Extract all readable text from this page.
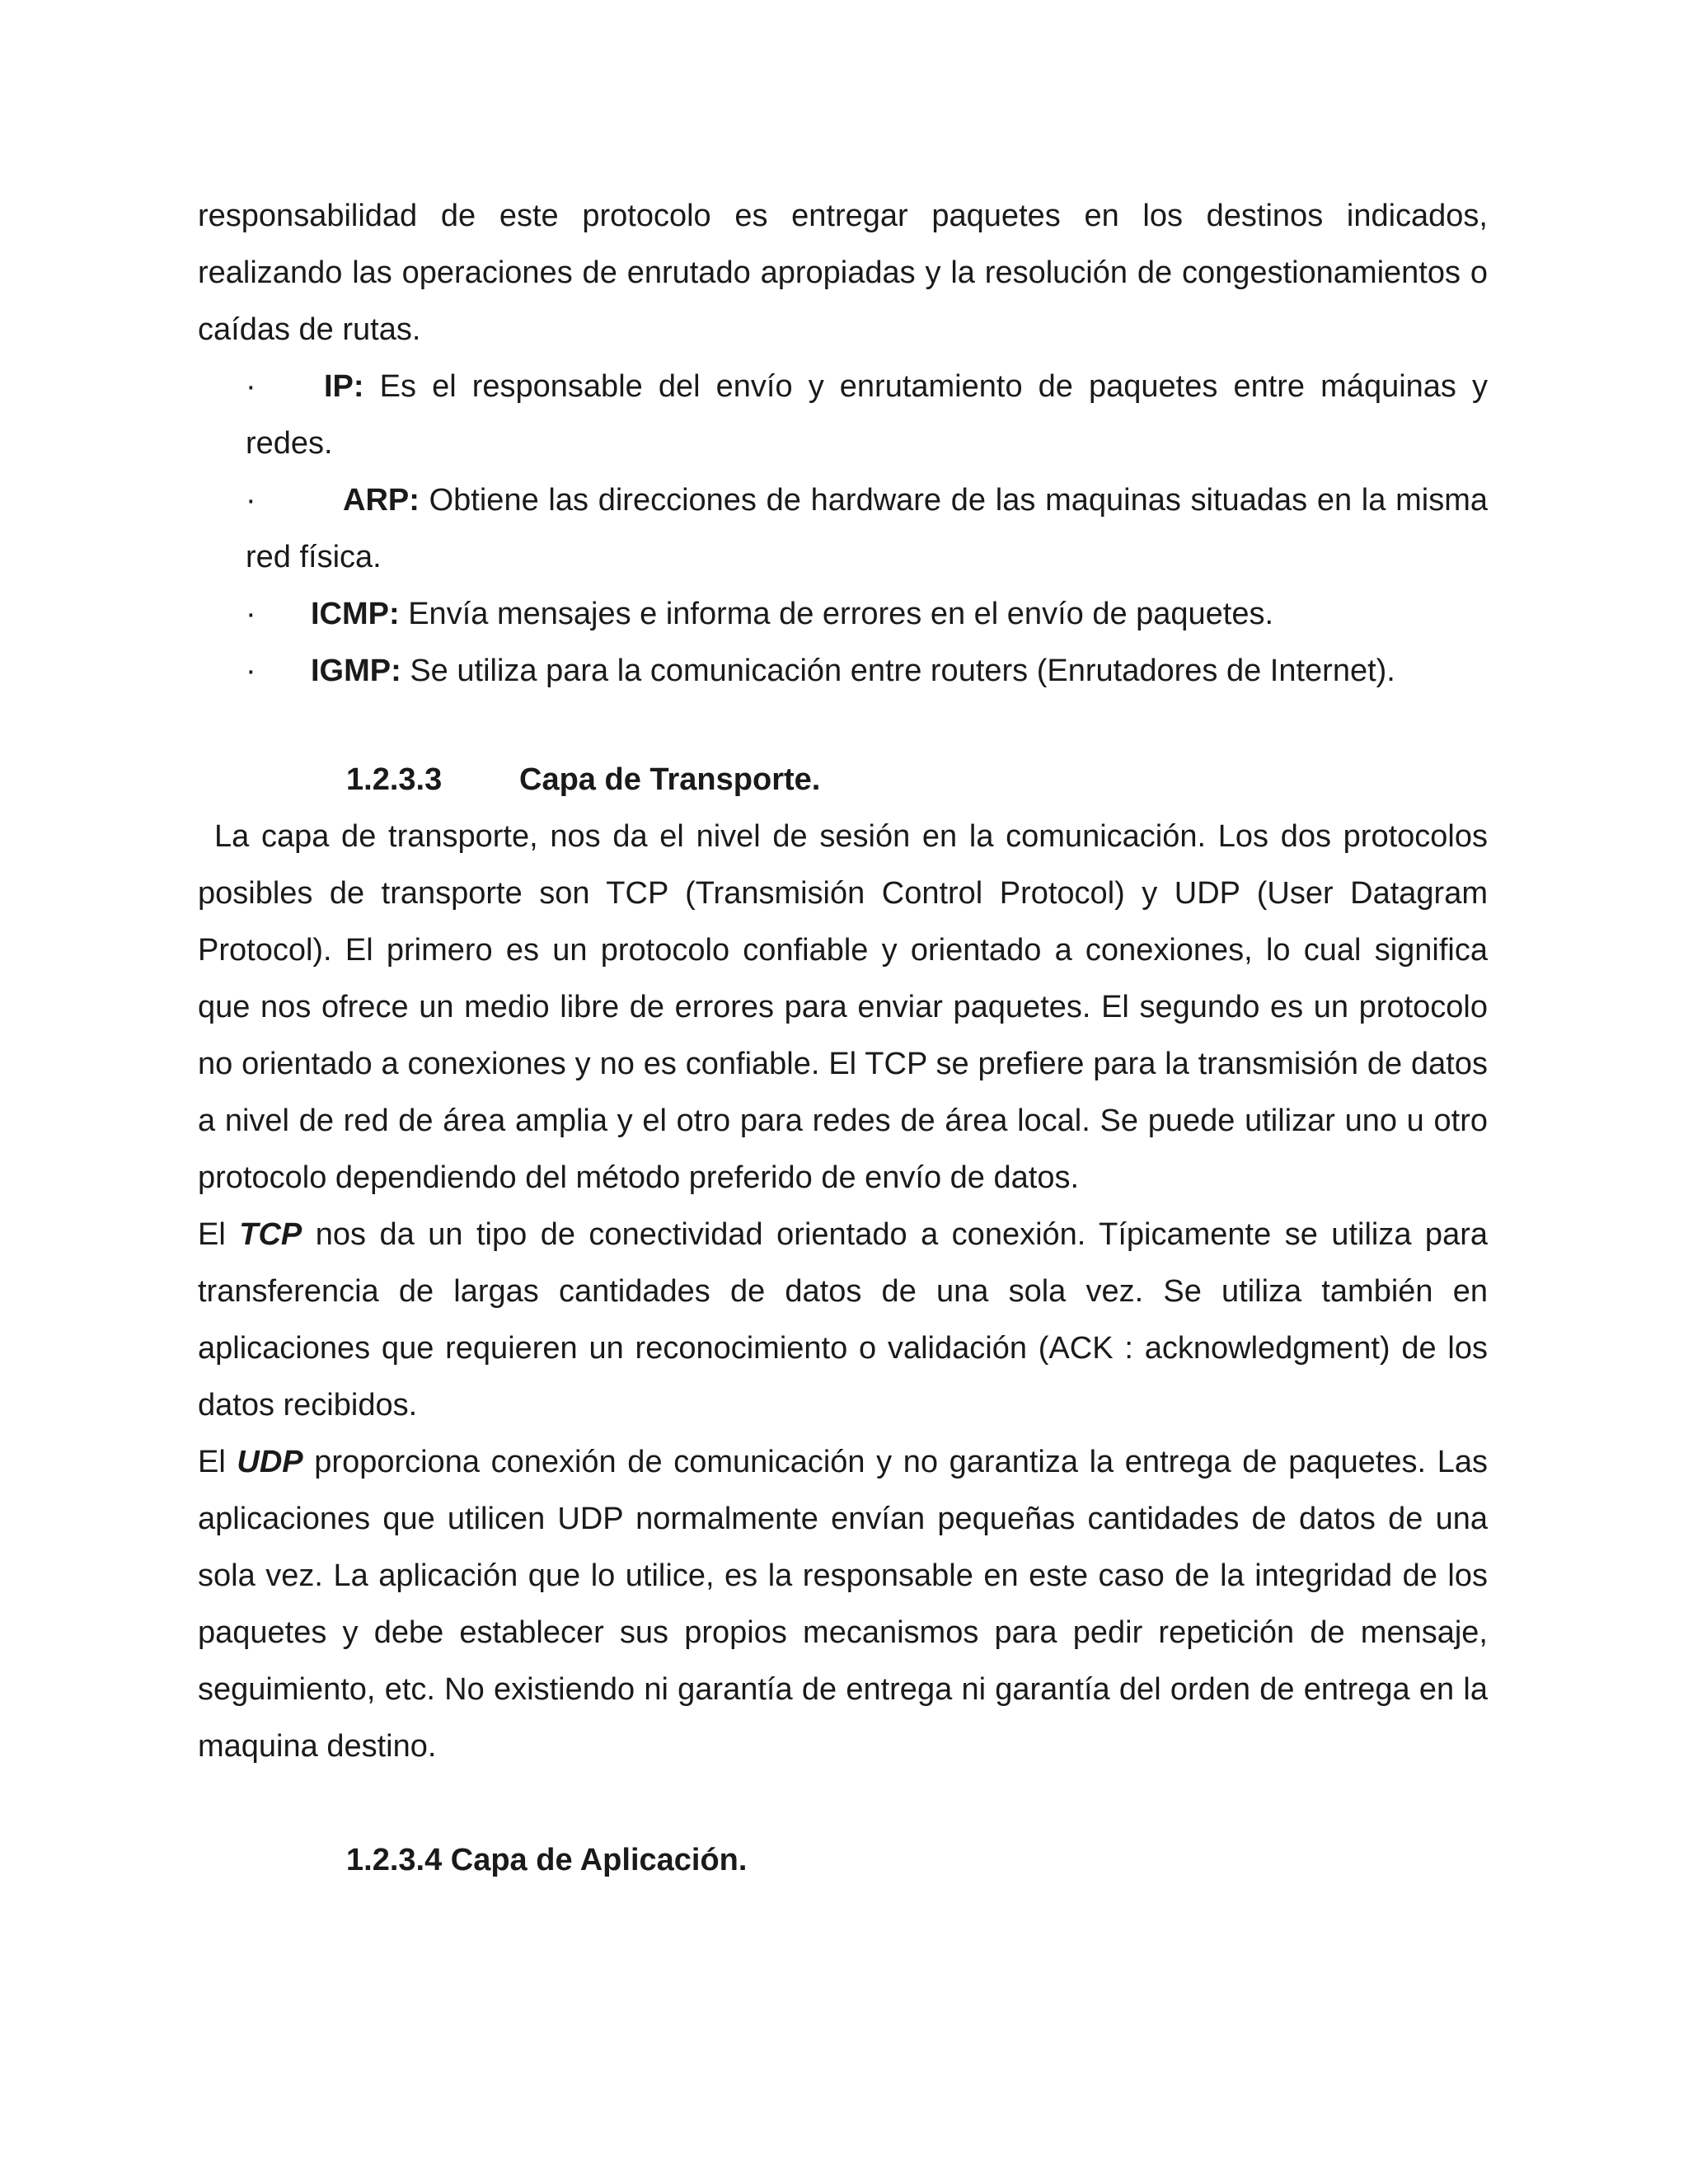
responsabilidad de este protocolo es entregar paquetes en los destinos indicados, realizando las operaciones de enrutado apropiadas y la resolución de congestionamientos o caídas de rutas.

· IP: Es el responsable del envío y enrutamiento de paquetes entre máquinas y redes.
·	ARP: Obtiene las direcciones de hardware de las maquinas situadas en la misma red física.
· ICMP: Envía mensajes e informa de errores en el envío de paquetes.
· IGMP: Se utiliza para la comunicación entre routers (Enrutadores de Internet).
1.2.3.3 Capa de Transporte.

La capa de transporte, nos da el nivel de sesión en la comunicación. Los dos protocolos posibles de transporte son TCP (Transmisión Control Protocol) y UDP (User Datagram Protocol). El primero es un protocolo confiable y orientado a conexiones, lo cual significa que nos ofrece un medio libre de errores para enviar paquetes. El segundo es un protocolo no orientado a conexiones y no es confiable. El TCP se prefiere para la transmisión de datos a nivel de red de área amplia y el otro para redes de área local. Se puede utilizar uno u otro protocolo dependiendo del método preferido de envío de datos.

El TCP nos da un tipo de conectividad orientado a conexión. Típicamente se utiliza para transferencia de largas cantidades de datos de una sola vez. Se utiliza también en aplicaciones que requieren un reconocimiento o validación (ACK : acknowledgment) de los datos recibidos.

El UDP proporciona conexión de comunicación y no garantiza la entrega de paquetes. Las aplicaciones que utilicen UDP normalmente envían pequeñas cantidades de datos de una sola vez. La aplicación que lo utilice, es la responsable en este caso de la integridad de los paquetes y debe establecer sus propios mecanismos para pedir repetición de mensaje, seguimiento, etc. No existiendo ni garantía de entrega ni garantía del orden de entrega en la maquina destino.

1.2.3.4 Capa de Aplicación.
